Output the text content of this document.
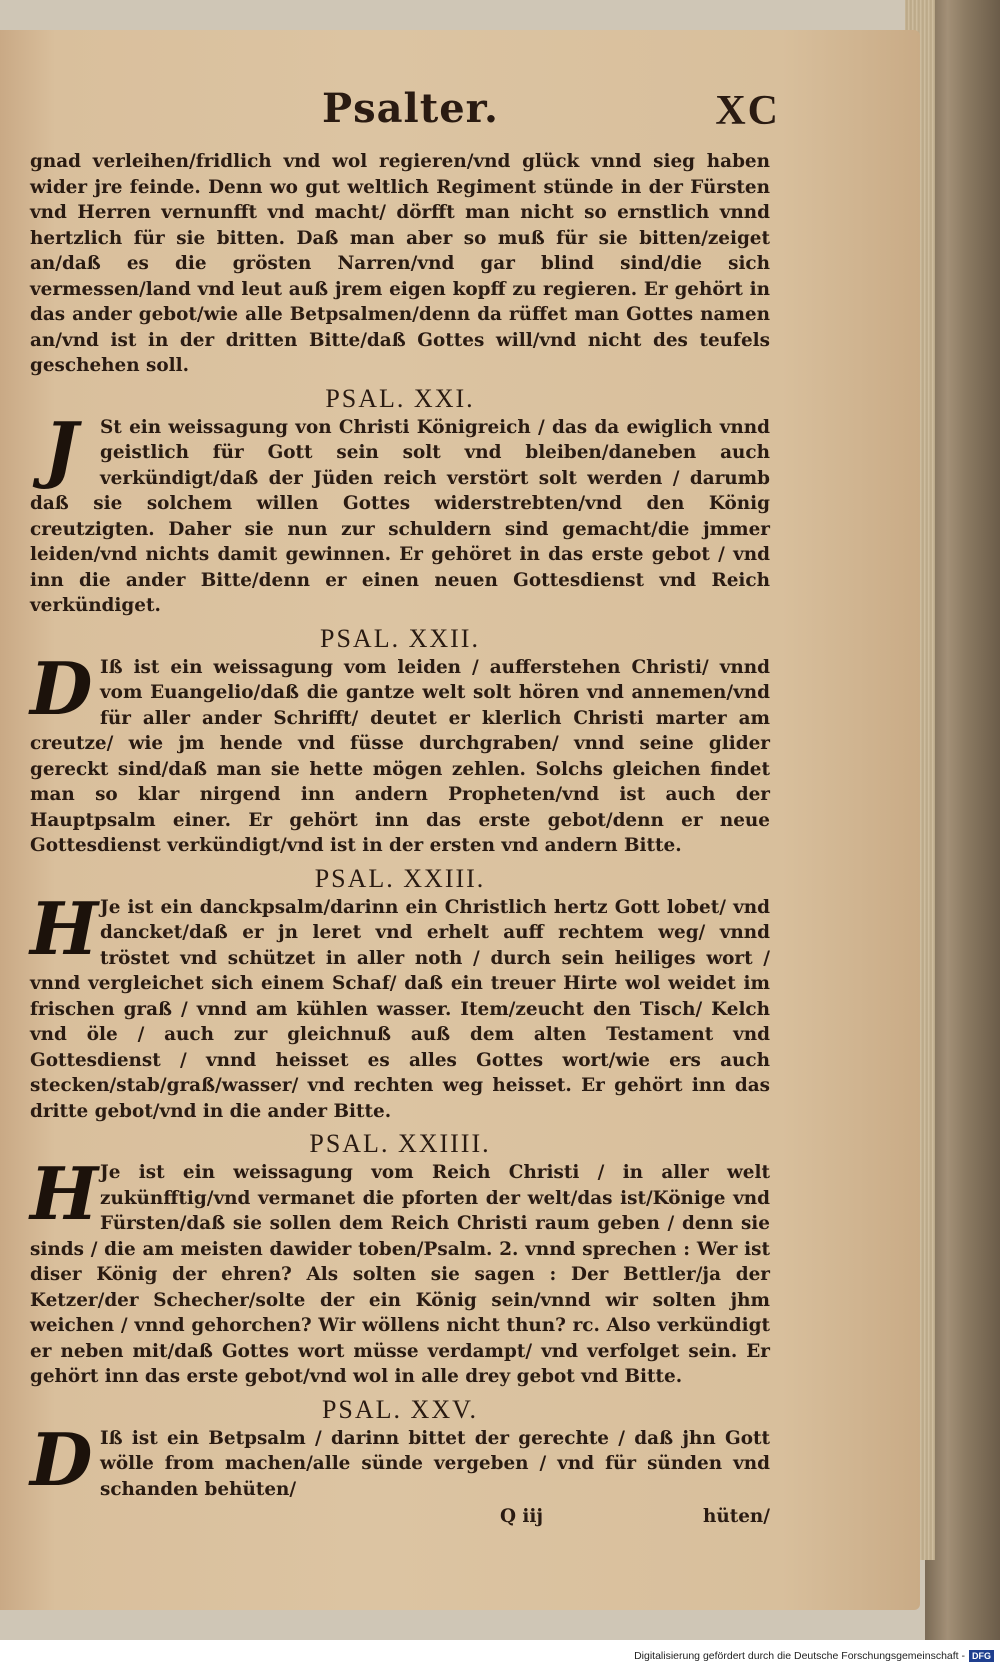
Psalter.	XC

gnad verleihen/fridlich vnd wol regieren/vnd glück vnnd sieg haben wider jre feinde. Denn wo gut weltlich Regiment stünde in der Fürsten vnd Herren vernunfft vnd macht/ dörfft man nicht so ernstlich vnnd hertzlich für sie bitten. Daß man aber so muß für sie bitten/zeiget an/daß es die grösten Narren/vnd gar blind sind/die sich vermessen/land vnd leut auß jrem eigen kopff zu regieren. Er gehört in das ander gebot/wie alle Betpsalmen/denn da rüffet man Gottes namen an/vnd ist in der dritten Bitte/daß Gottes will/vnd nicht des teufels geschehen soll.

PSAL. XXI.

J	St ein weissagung von Christi Königreich / das da ewiglich vnnd geistlich für Gott sein solt vnd bleiben/daneben auch verkündigt/daß der Jüden reich verstört solt werden / darumb daß sie solchem willen Gottes widerstrebten/vnd den König creutzigten. Daher sie nun zur schuldern sind gemacht/die jmmer leiden/vnd nichts damit gewinnen. Er gehöret in das erste gebot / vnd inn die ander Bitte/denn er einen neuen Gottesdienst vnd Reich verkündiget.

PSAL. XXII.

D Iß ist ein weissagung vom leiden / aufferstehen Christi/ vnnd vom Euangelio/daß die gantze welt solt hören vnd annemen/vnd für aller ander Schrifft/ deutet er klerlich Christi marter am creutze/ wie jm hende vnd füsse durchgraben/ vnnd seine glider gereckt sind/daß man sie hette mögen zehlen. Solchs gleichen findet man so klar nirgend inn andern Propheten/vnd ist auch der Hauptpsalm einer. Er gehört inn das erste gebot/denn er neue Gottesdienst verkündigt/vnd ist in der ersten vnd andern Bitte.

PSAL. XXIII.

H Je ist ein danckpsalm/darinn ein Christlich hertz Gott lobet/ vnd dancket/daß er jn leret vnd erhelt auff rechtem weg/ vnnd tröstet vnd schützet in aller noth / durch sein heiliges wort / vnnd vergleichet sich einem Schaf/ daß ein treuer Hirte wol weidet im frischen graß / vnnd am kühlen wasser. Item/zeucht den Tisch/ Kelch vnd öle / auch zur gleichnuß auß dem alten Testament vnd Gottesdienst / vnnd heisset es alles Gottes wort/wie ers auch stecken/stab/graß/wasser/ vnd rechten weg heisset. Er gehört inn das dritte gebot/vnd in die ander Bitte.

PSAL. XXIIII.

H Je ist ein weissagung vom Reich Christi / in aller welt zukünfftig/vnd vermanet die pforten der welt/das ist/Könige vnd Fürsten/daß sie sollen dem Reich Christi raum geben / denn sie sinds / die am meisten dawider toben/Psalm. 2. vnnd sprechen : Wer ist diser König der ehren? Als solten sie sagen : Der Bettler/ja der Ketzer/der Schecher/solte der ein König sein/vnnd wir solten jhm weichen / vnnd gehorchen? Wir wöllens nicht thun? rc. Also verkündigt er neben mit/daß Gottes wort müsse verdampt/ vnd verfolget sein. Er gehört inn das erste gebot/vnd wol in alle drey gebot vnd Bitte.

PSAL. XXV.

D Iß ist ein Betpsalm / darinn bittet der gerechte / daß jhn Gott wölle from machen/alle sünde vergeben / vnd für sünden vnd schanden behüten/

Q iij	hüten/
Digitalisierung gefördert durch die Deutsche Forschungsgemeinschaft - DFG
